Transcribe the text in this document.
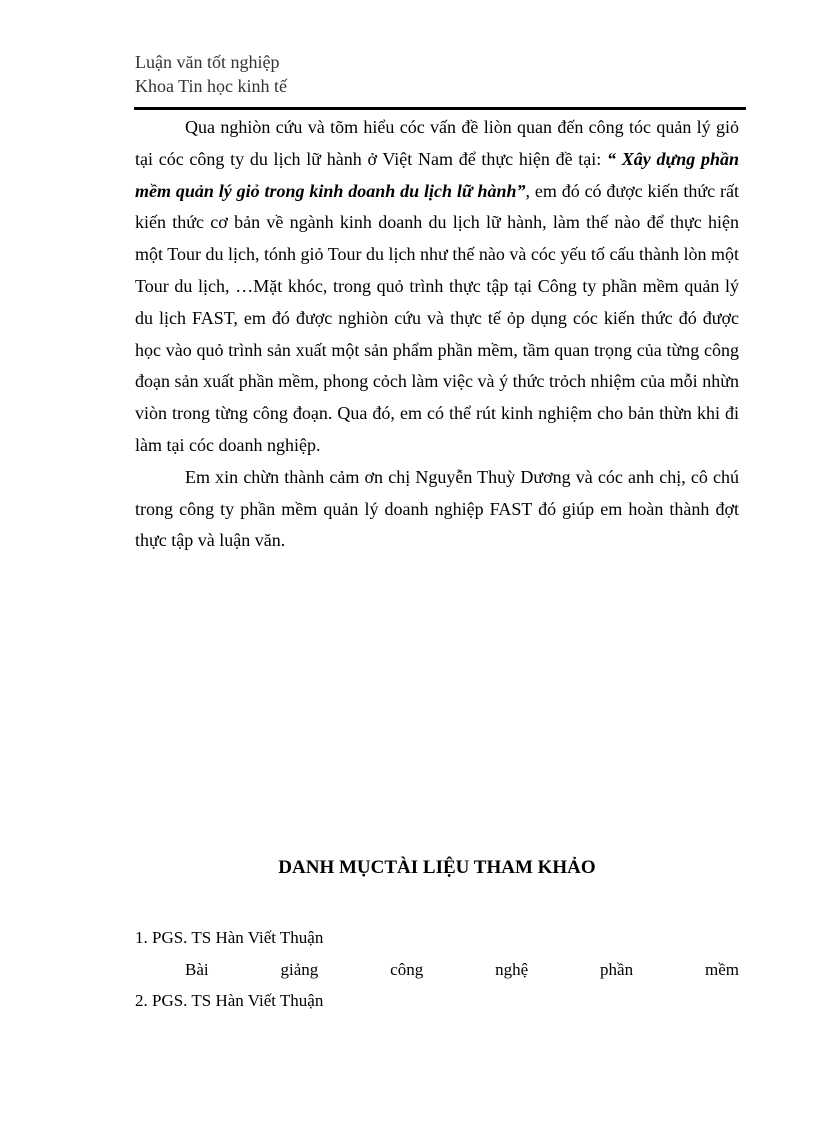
Luận văn tốt nghiệp
Khoa Tin học kinh tế

Qua nghiòn cứu và tõm hiểu cóc vấn đề liòn quan đến công tóc quản lý giỏ tại cóc công ty du lịch lữ hành ở Việt Nam để thực hiện đề tại: “ Xây dựng phần mềm quản lý giỏ trong kinh doanh du lịch lữ hành”, em đó có được kiến thức rất kiến thức cơ bản về ngành kinh doanh du lịch lữ hành, làm thế nào để thực hiện một Tour du lịch, tónh giỏ Tour du lịch như thế nào và cóc yếu tố cấu thành lòn một Tour du lịch, …Mặt khóc, trong quỏ trình thực tập tại Công ty phần mềm quản lý du lịch FAST, em đó được nghiòn cứu và thực tế ỏp dụng cóc kiến thức đó được học vào quỏ trình sản xuất một sản phẩm phần mềm, tầm quan trọng của từng công đoạn sản xuất phần mềm, phong cỏch làm việc và ý thức trỏch nhiệm của mỗi nhừn viòn trong từng công đoạn. Qua đó, em có thể rút kinh nghiệm cho bản thừn khi đi làm tại cóc doanh nghiệp.

Em xin chừn thành cảm ơn chị Nguyễn Thuỳ Dương và cóc anh chị, cô chú trong công ty phần mềm quản lý doanh nghiệp FAST đó giúp em hoàn thành đợt thực tập và luận văn.

DANH MỤCTÀI LIỆU THAM KHẢO
1. PGS. TS Hàn Viết Thuận
Bài	giảng	công	nghệ	phần	mềm
2. PGS. TS Hàn Viết Thuận
